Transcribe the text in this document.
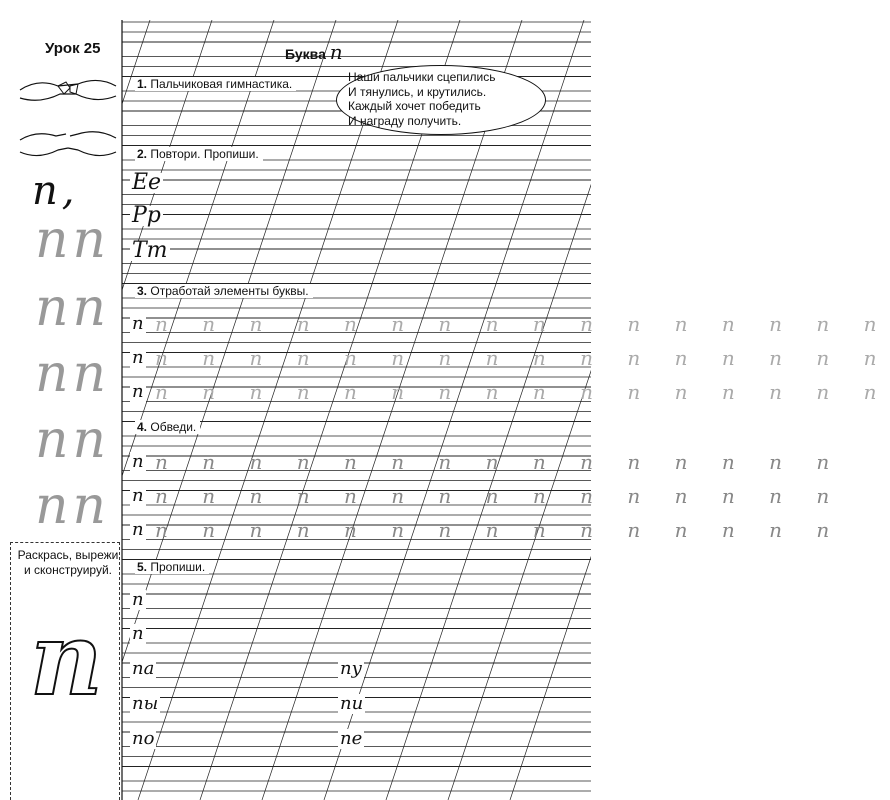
Урок 25
п,
пп
пп
пп
пп
пп
Раскрась, вырежи и сконструируй.
п
Буква п
Наши пальчики сцепились
И тянулись, и крутились.
Каждый хочет победить
И награду получить.
1. Пальчиковая гимнастика.
2. Повтори. Пропиши.
3. Отработай элементы буквы.
4. Обведи.
5. Пропиши.
Ее
Рр
Тт
п п п п п п п п п п п п п п п п п
п п п п п п п п п п п п п п п п п
п п п п п п п п п п п п п п п п п
п п п п п п п п п п п п п п п п
п п п п п п п п п п п п п п п п
п п п п п п п п п п п п п п п п
п
п
па
пы
по
пу
пи
пе
